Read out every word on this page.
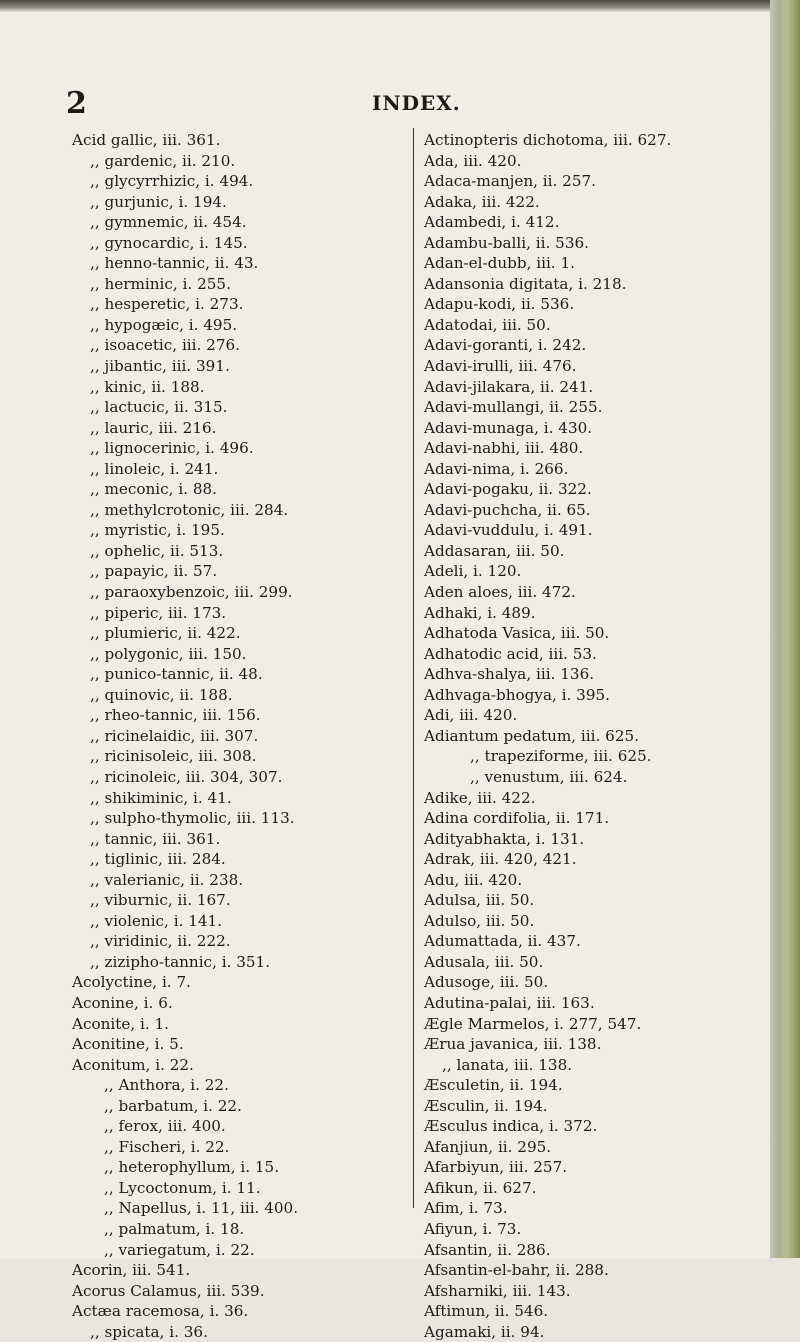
2	INDEX.
Acid gallic, iii. 361.
,, gardenic, ii. 210.
,, glycyrrhizic, i. 494.
,, gurjunic, i. 194.
,, gymnemic, ii. 454.
,, gynocardic, i. 145.
,, henno-tannic, ii. 43.
,, herminic, i. 255.
,, hesperetic, i. 273.
,, hypogæic, i. 495.
,, isoacetic, iii. 276.
,, jibantic, iii. 391.
,, kinic, ii. 188.
,, lactucic, ii. 315.
,, lauric, iii. 216.
,, lignocerinic, i. 496.
,, linoleic, i. 241.
,, meconic, i. 88.
,, methylcrotonic, iii. 284.
,, myristic, i. 195.
,, ophelic, ii. 513.
,, papayic, ii. 57.
,, paraoxybenzoic, iii. 299.
,, piperic, iii. 173.
,, plumieric, ii. 422.
,, polygonic, iii. 150.
,, punico-tannic, ii. 48.
,, quinovic, ii. 188.
,, rheo-tannic, iii. 156.
,, ricinelaidic, iii. 307.
,, ricinisoleic, iii. 308.
,, ricinoleic, iii. 304, 307.
,, shikiminic, i. 41.
,, sulpho-thymolic, iii. 113.
,, tannic, iii. 361.
,, tiglinic, iii. 284.
,, valerianic, ii. 238.
,, viburnic, ii. 167.
,, violenic, i. 141.
,, viridinic, ii. 222.
,, zizipho-tannic, i. 351.
Acolyctine, i. 7.
Aconine, i. 6.
Aconite, i. 1.
Aconitine, i. 5.
Aconitum, i. 22.
,, Anthora, i. 22.
,, barbatum, i. 22.
,, ferox, iii. 400.
,, Fischeri, i. 22.
,, heterophyllum, i. 15.
,, Lycoctonum, i. 11.
,, Napellus, i. 11, iii. 400.
,, palmatum, i. 18.
,, variegatum, i. 22.
Acorin, iii. 541.
Acorus Calamus, iii. 539.
Actæa racemosa, i. 36.
,, spicata, i. 36.
Actinopteris dichotoma, iii. 627.
Ada, iii. 420.
Adaca-manjen, ii. 257.
Adaka, iii. 422.
Adambedi, i. 412.
Adambu-balli, ii. 536.
Adan-el-dubb, iii. 1.
Adansonia digitata, i. 218.
Adapu-kodi, ii. 536.
Adatodai, iii. 50.
Adavi-goranti, i. 242.
Adavi-irulli, iii. 476.
Adavi-jilakara, ii. 241.
Adavi-mullangi, ii. 255.
Adavi-munaga, i. 430.
Adavi-nabhi, iii. 480.
Adavi-nima, i. 266.
Adavi-pogaku, ii. 322.
Adavi-puchcha, ii. 65.
Adavi-vuddulu, i. 491.
Addasaran, iii. 50.
Adeli, i. 120.
Aden aloes, iii. 472.
Adhaki, i. 489.
Adhatoda Vasica, iii. 50.
Adhatodic acid, iii. 53.
Adhva-shalya, iii. 136.
Adhvaga-bhogya, i. 395.
Adi, iii. 420.
Adiantum pedatum, iii. 625.
,, trapeziforme, iii. 625.
,, venustum, iii. 624.
Adike, iii. 422.
Adina cordifolia, ii. 171.
Adityabhakta, i. 131.
Adrak, iii. 420, 421.
Adu, iii. 420.
Adulsa, iii. 50.
Adulso, iii. 50.
Adumattada, ii. 437.
Adusala, iii. 50.
Adusoge, iii. 50.
Adutina-palai, iii. 163.
Ægle Marmelos, i. 277, 547.
Ærua javanica, iii. 138.
,, lanata, iii. 138.
Æsculetin, ii. 194.
Æsculin, ii. 194.
Æsculus indica, i. 372.
Afanjiun, ii. 295.
Afarbiyun, iii. 257.
Afikun, ii. 627.
Afim, i. 73.
Afiyun, i. 73.
Afsantin, ii. 286.
Afsantin-el-bahr, ii. 288.
Afsharniki, iii. 143.
Aftimun, ii. 546.
Agamaki, ii. 94.
